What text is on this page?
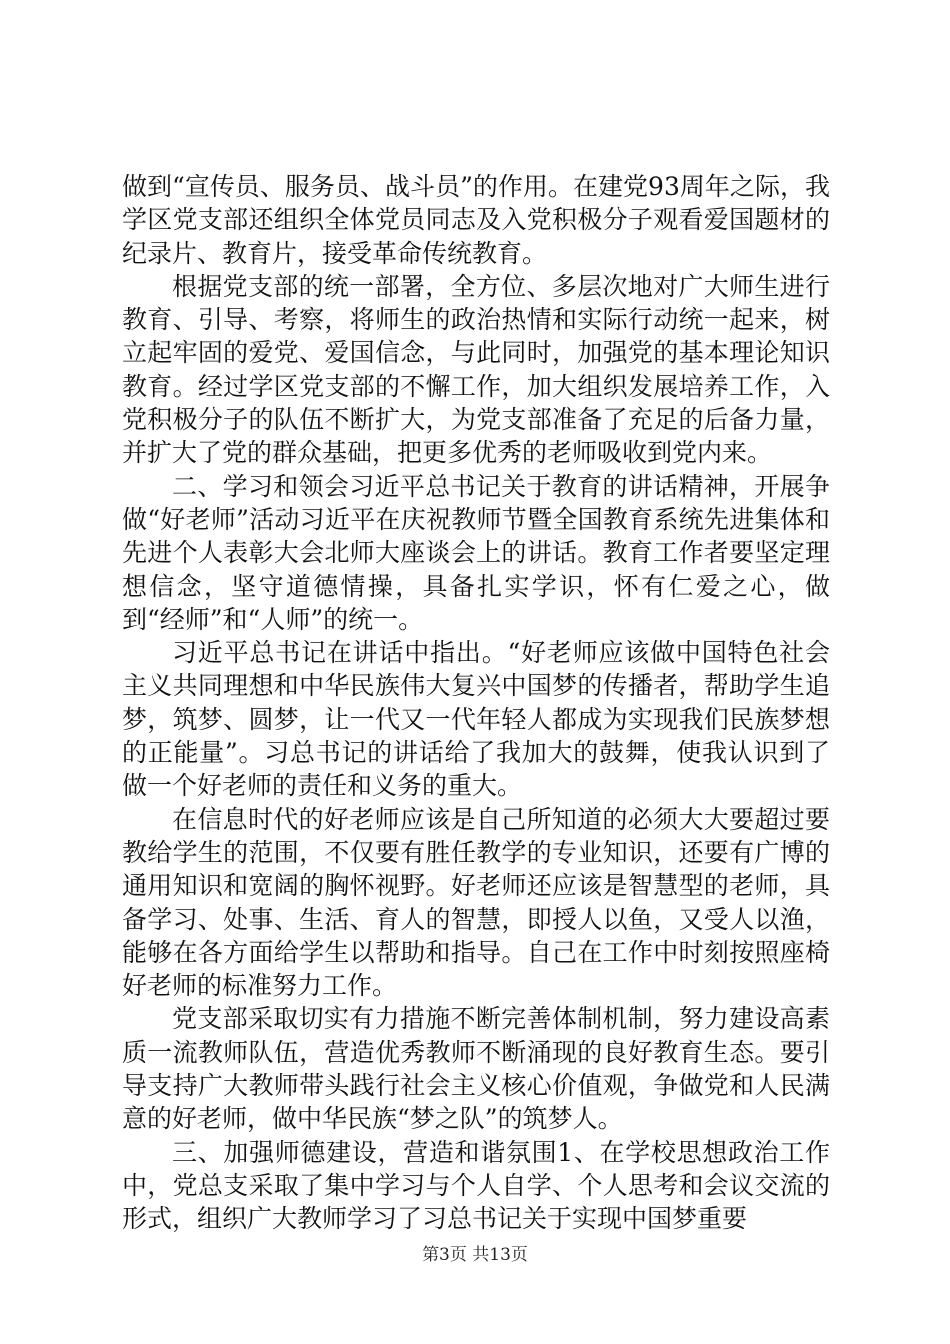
做到“宣传员、服务员、战斗员”的作用。在建党93周年之际，我学区党支部还组织全体党员同志及入党积极分子观看爱国题材的纪录片、教育片，接受革命传统教育。

根据党支部的统一部署，全方位、多层次地对广大师生进行教育、引导、考察，将师生的政治热情和实际行动统一起来，树立起牢固的爱党、爱国信念，与此同时，加强党的基本理论知识教育。经过学区党支部的不懈工作，加大组织发展培养工作，入党积极分子的队伍不断扩大，为党支部准备了充足的后备力量，并扩大了党的群众基础，把更多优秀的老师吸收到党内来。

二、学习和领会习近平总书记关于教育的讲话精神，开展争做“好老师”活动习近平在庆祝教师节暨全国教育系统先进集体和先进个人表彰大会北师大座谈会上的讲话。教育工作者要坚定理想信念，坚守道德情操，具备扎实学识，怀有仁爱之心，做到“经师”和“人师”的统一。

习近平总书记在讲话中指出。“好老师应该做中国特色社会主义共同理想和中华民族伟大复兴中国梦的传播者，帮助学生追梦，筑梦、圆梦，让一代又一代年轻人都成为实现我们民族梦想的正能量”。习总书记的讲话给了我加大的鼓舞，使我认识到了做一个好老师的责任和义务的重大。

在信息时代的好老师应该是自己所知道的必须大大要超过要教给学生的范围，不仅要有胜任教学的专业知识，还要有广博的通用知识和宽阔的胸怀视野。好老师还应该是智慧型的老师，具备学习、处事、生活、育人的智慧，即授人以鱼，又受人以渔，能够在各方面给学生以帮助和指导。自己在工作中时刻按照座椅好老师的标准努力工作。

党支部采取切实有力措施不断完善体制机制，努力建设高素质一流教师队伍，营造优秀教师不断涌现的良好教育生态。要引导支持广大教师带头践行社会主义核心价值观，争做党和人民满意的好老师，做中华民族“梦之队”的筑梦人。

三、加强师德建设，营造和谐氛围1、在学校思想政治工作中，党总支采取了集中学习与个人自学、个人思考和会议交流的形式，组织广大教师学习了习总书记关于实现中国梦重要

第3页 共13页
